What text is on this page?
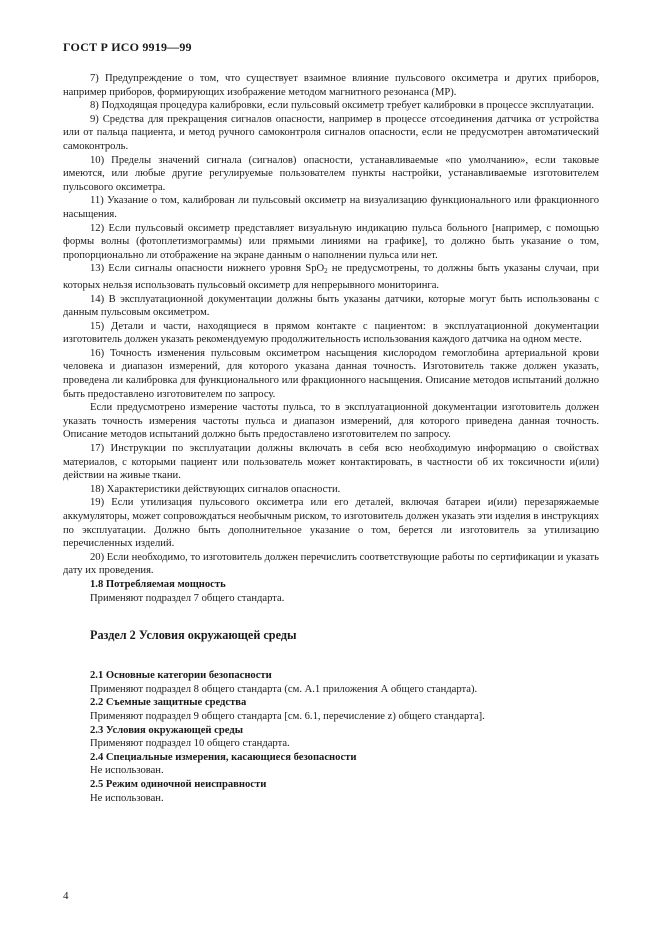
ГОСТ Р ИСО 9919—99

7) Предупреждение о том, что существует взаимное влияние пульсового оксиметра и других приборов, например приборов, формирующих изображение методом магнитного резонанса (МР).

8) Подходящая процедура калибровки, если пульсовый оксиметр требует калибровки в процессе эксплуатации.

9) Средства для прекращения сигналов опасности, например в процессе отсоединения датчика от устройства или от пальца пациента, и метод ручного самоконтроля сигналов опасности, если не предусмотрен автоматический самоконтроль.

10) Пределы значений сигнала (сигналов) опасности, устанавливаемые «по умолчанию», если таковые имеются, или любые другие регулируемые пользователем пункты настройки, устанавливаемые изготовителем пульсового оксиметра.

11) Указание о том, калиброван ли пульсовый оксиметр на визуализацию функционального или фракционного насыщения.

12) Если пульсовый оксиметр представляет визуальную индикацию пульса больного [например, с помощью формы волны (фотоплетизмограммы) или прямыми линиями на графике], то должно быть указание о том, пропорционально ли отображение на экране данным о наполнении пульса или нет.

13) Если сигналы опасности нижнего уровня SpO$_2$ не предусмотрены, то должны быть указаны случаи, при которых нельзя использовать пульсовый оксиметр для непрерывного мониторинга.

14) В эксплуатационной документации должны быть указаны датчики, которые могут быть использованы с данным пульсовым оксиметром.

15) Детали и части, находящиеся в прямом контакте с пациентом: в эксплуатационной документации изготовитель должен указать рекомендуемую продолжительность использования каждого датчика на одном месте.

16) Точность изменения пульсовым оксиметром насыщения кислородом гемоглобина артериальной крови человека и диапазон измерений, для которого указана данная точность. Изготовитель также должен указать, проведена ли калибровка для функционального или фракционного насыщения. Описание методов испытаний должно быть предоставлено изготовителем по запросу.

Если предусмотрено измерение частоты пульса, то в эксплуатационной документации изготовитель должен указать точность измерения частоты пульса и диапазон измерений, для которого приведена данная точность. Описание методов испытаний должно быть предоставлено изготовителем по запросу.

17) Инструкции по эксплуатации должны включать в себя всю необходимую информацию о свойствах материалов, с которыми пациент или пользователь может контактировать, в частности об их токсичности и(или) действии на живые ткани.

18) Характеристики действующих сигналов опасности.

19) Если утилизация пульсового оксиметра или его деталей, включая батареи и(или) перезаряжаемые аккумуляторы, может сопровождаться необычным риском, то изготовитель должен указать эти изделия в инструкциях по эксплуатации. Должно быть дополнительное указание о том, берется ли изготовитель за утилизацию перечисленных изделий.

20) Если необходимо, то изготовитель должен перечислить соответствующие работы по сертификации и указать дату их проведения.

1.8 Потребляемая мощность

Применяют подраздел 7 общего стандарта.

Раздел 2 Условия окружающей среды

2.1 Основные категории безопасности

Применяют подраздел 8 общего стандарта (см. А.1 приложения А общего стандарта).

2.2 Съемные защитные средства

Применяют подраздел 9 общего стандарта [см. 6.1, перечисление z) общего стандарта].

2.3 Условия окружающей среды

Применяют подраздел 10 общего стандарта.

2.4 Специальные измерения, касающиеся безопасности

Не использован.

2.5 Режим одиночной неисправности

Не использован.

4
